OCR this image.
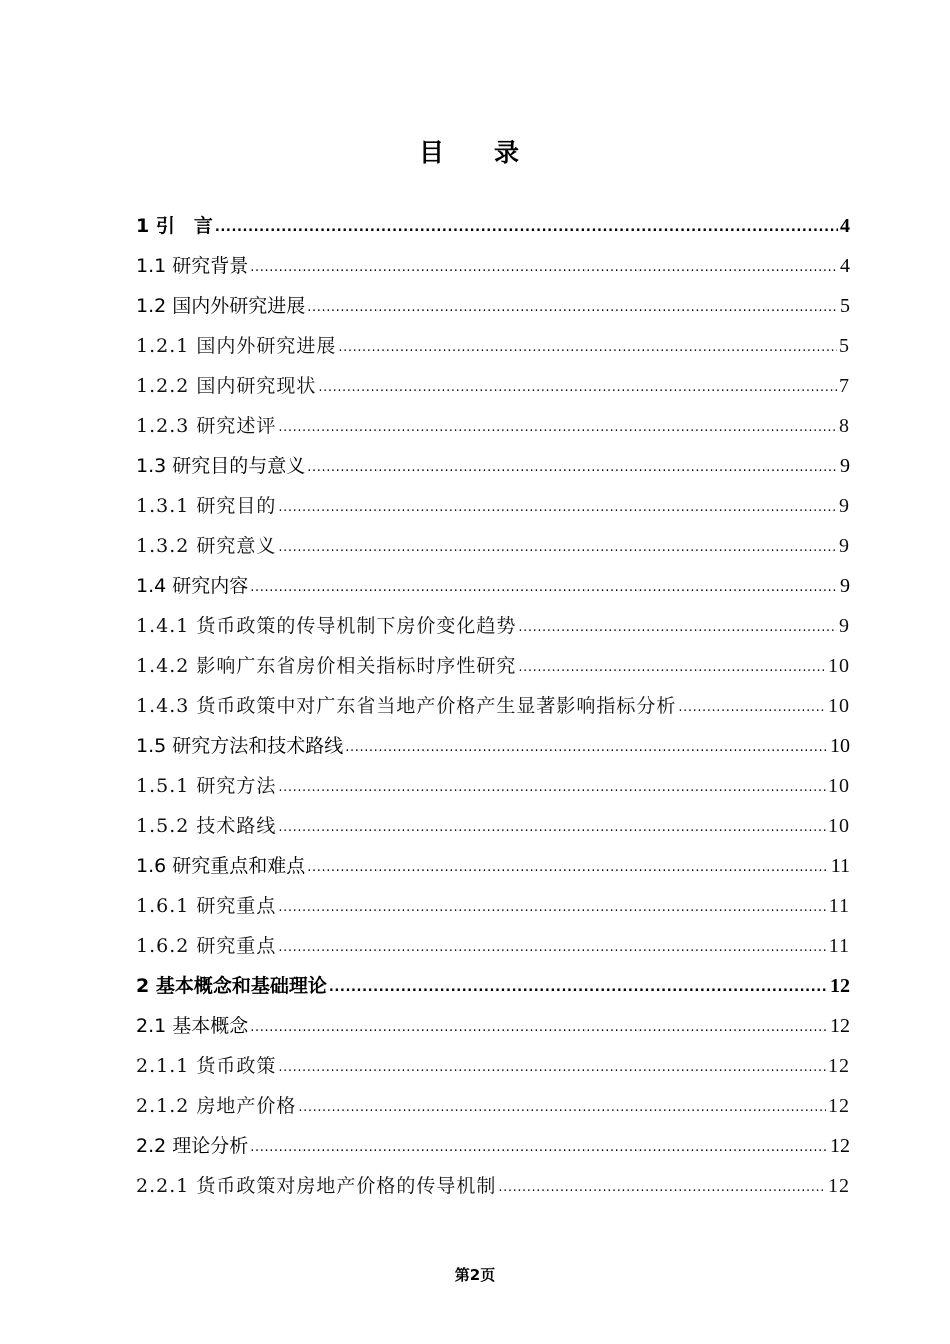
目录
1 引　言 .....	4
1.1 研究背景 .....	4
1.2 国内外研究进展 .....	5
1.2.1 国内外研究进展 .....	5
1.2.2 国内研究现状 .....	7
1.2.3 研究述评 .....	8
1.3 研究目的与意义 .....	9
1.3.1 研究目的 .....	9
1.3.2 研究意义 .....	9
1.4 研究内容 .....	9
1.4.1 货币政策的传导机制下房价变化趋势 .....	9
1.4.2 影响广东省房价相关指标时序性研究 .....	10
1.4.3 货币政策中对广东省当地产价格产生显著影响指标分析 .....	10
1.5 研究方法和技术路线 .....	10
1.5.1 研究方法 .....	10
1.5.2 技术路线 .....	10
1.6 研究重点和难点 .....	11
1.6.1 研究重点 .....	11
1.6.2 研究重点 .....	11
2 基本概念和基础理论 .....	12
2.1 基本概念 .....	12
2.1.1 货币政策 .....	12
2.1.2 房地产价格 .....	12
2.2 理论分析 .....	12
2.2.1 货币政策对房地产价格的传导机制 .....	12
第2页
